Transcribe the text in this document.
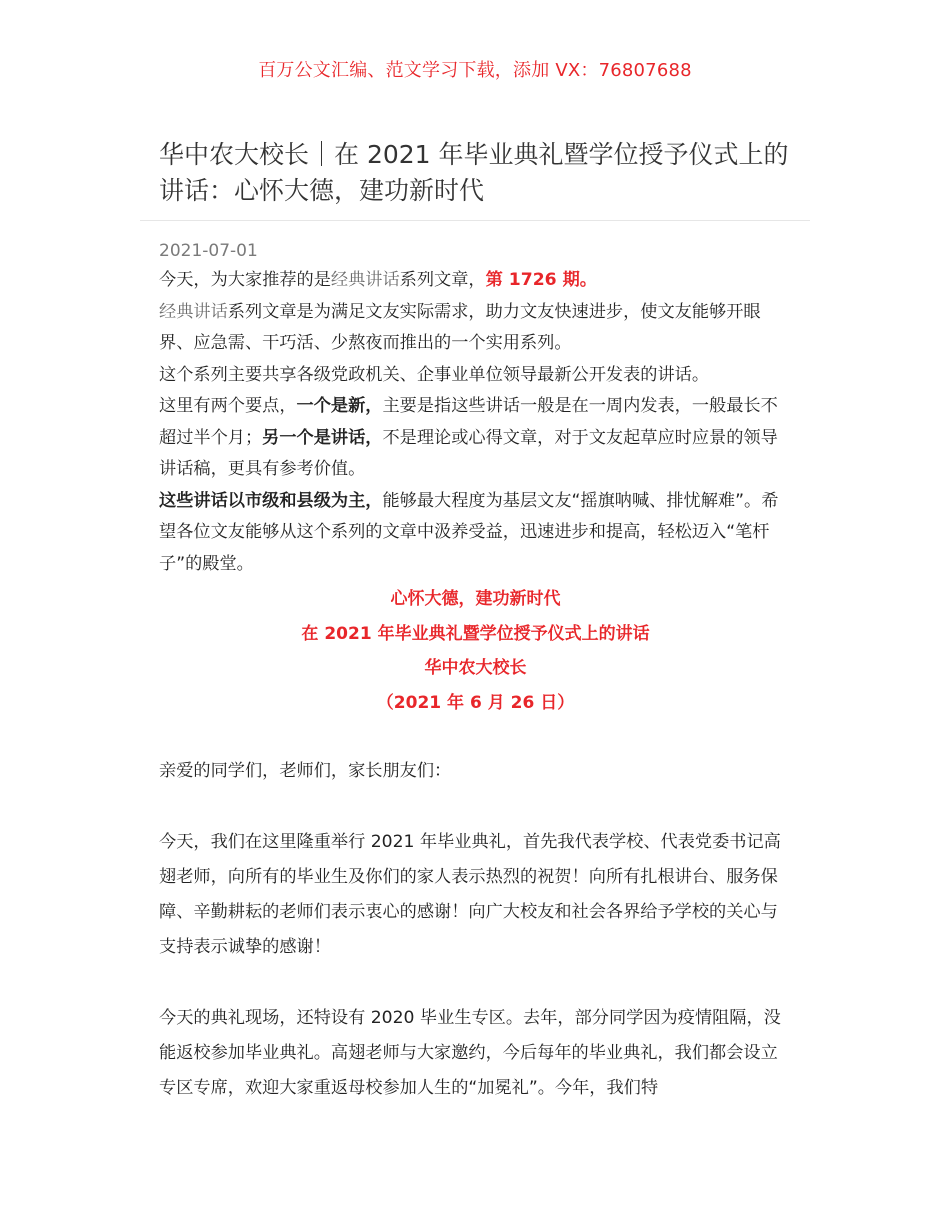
百万公文汇编、范文学习下载，添加 VX：76807688
华中农大校长｜在 2021 年毕业典礼暨学位授予仪式上的讲话：心怀大德，建功新时代
2021-07-01

今天，为大家推荐的是经典讲话系列文章，第 1726 期。

经典讲话系列文章是为满足文友实际需求，助力文友快速进步，使文友能够开眼界、应急需、干巧活、少熬夜而推出的一个实用系列。

这个系列主要共享各级党政机关、企事业单位领导最新公开发表的讲话。

这里有两个要点，一个是新，主要是指这些讲话一般是在一周内发表，一般最长不超过半个月；另一个是讲话，不是理论或心得文章，对于文友起草应时应景的领导讲话稿，更具有参考价值。

这些讲话以市级和县级为主，能够最大程度为基层文友“摇旗呐喊、排忧解难”。希望各位文友能够从这个系列的文章中汲养受益，迅速进步和提高，轻松迈入“笔杆子”的殿堂。

心怀大德，建功新时代
在 2021 年毕业典礼暨学位授予仪式上的讲话
华中农大校长
（2021 年 6 月 26 日）

亲爱的同学们，老师们，家长朋友们：

今天，我们在这里隆重举行 2021 年毕业典礼，首先我代表学校、代表党委书记高翅老师，向所有的毕业生及你们的家人表示热烈的祝贺！向所有扎根讲台、服务保障、辛勤耕耘的老师们表示衷心的感谢！向广大校友和社会各界给予学校的关心与支持表示诚挚的感谢！

今天的典礼现场，还特设有 2020 毕业生专区。去年，部分同学因为疫情阻隔，没能返校参加毕业典礼。高翅老师与大家邀约，今后每年的毕业典礼，我们都会设立专区专席，欢迎大家重返母校参加人生的“加冕礼”。今年，我们特
